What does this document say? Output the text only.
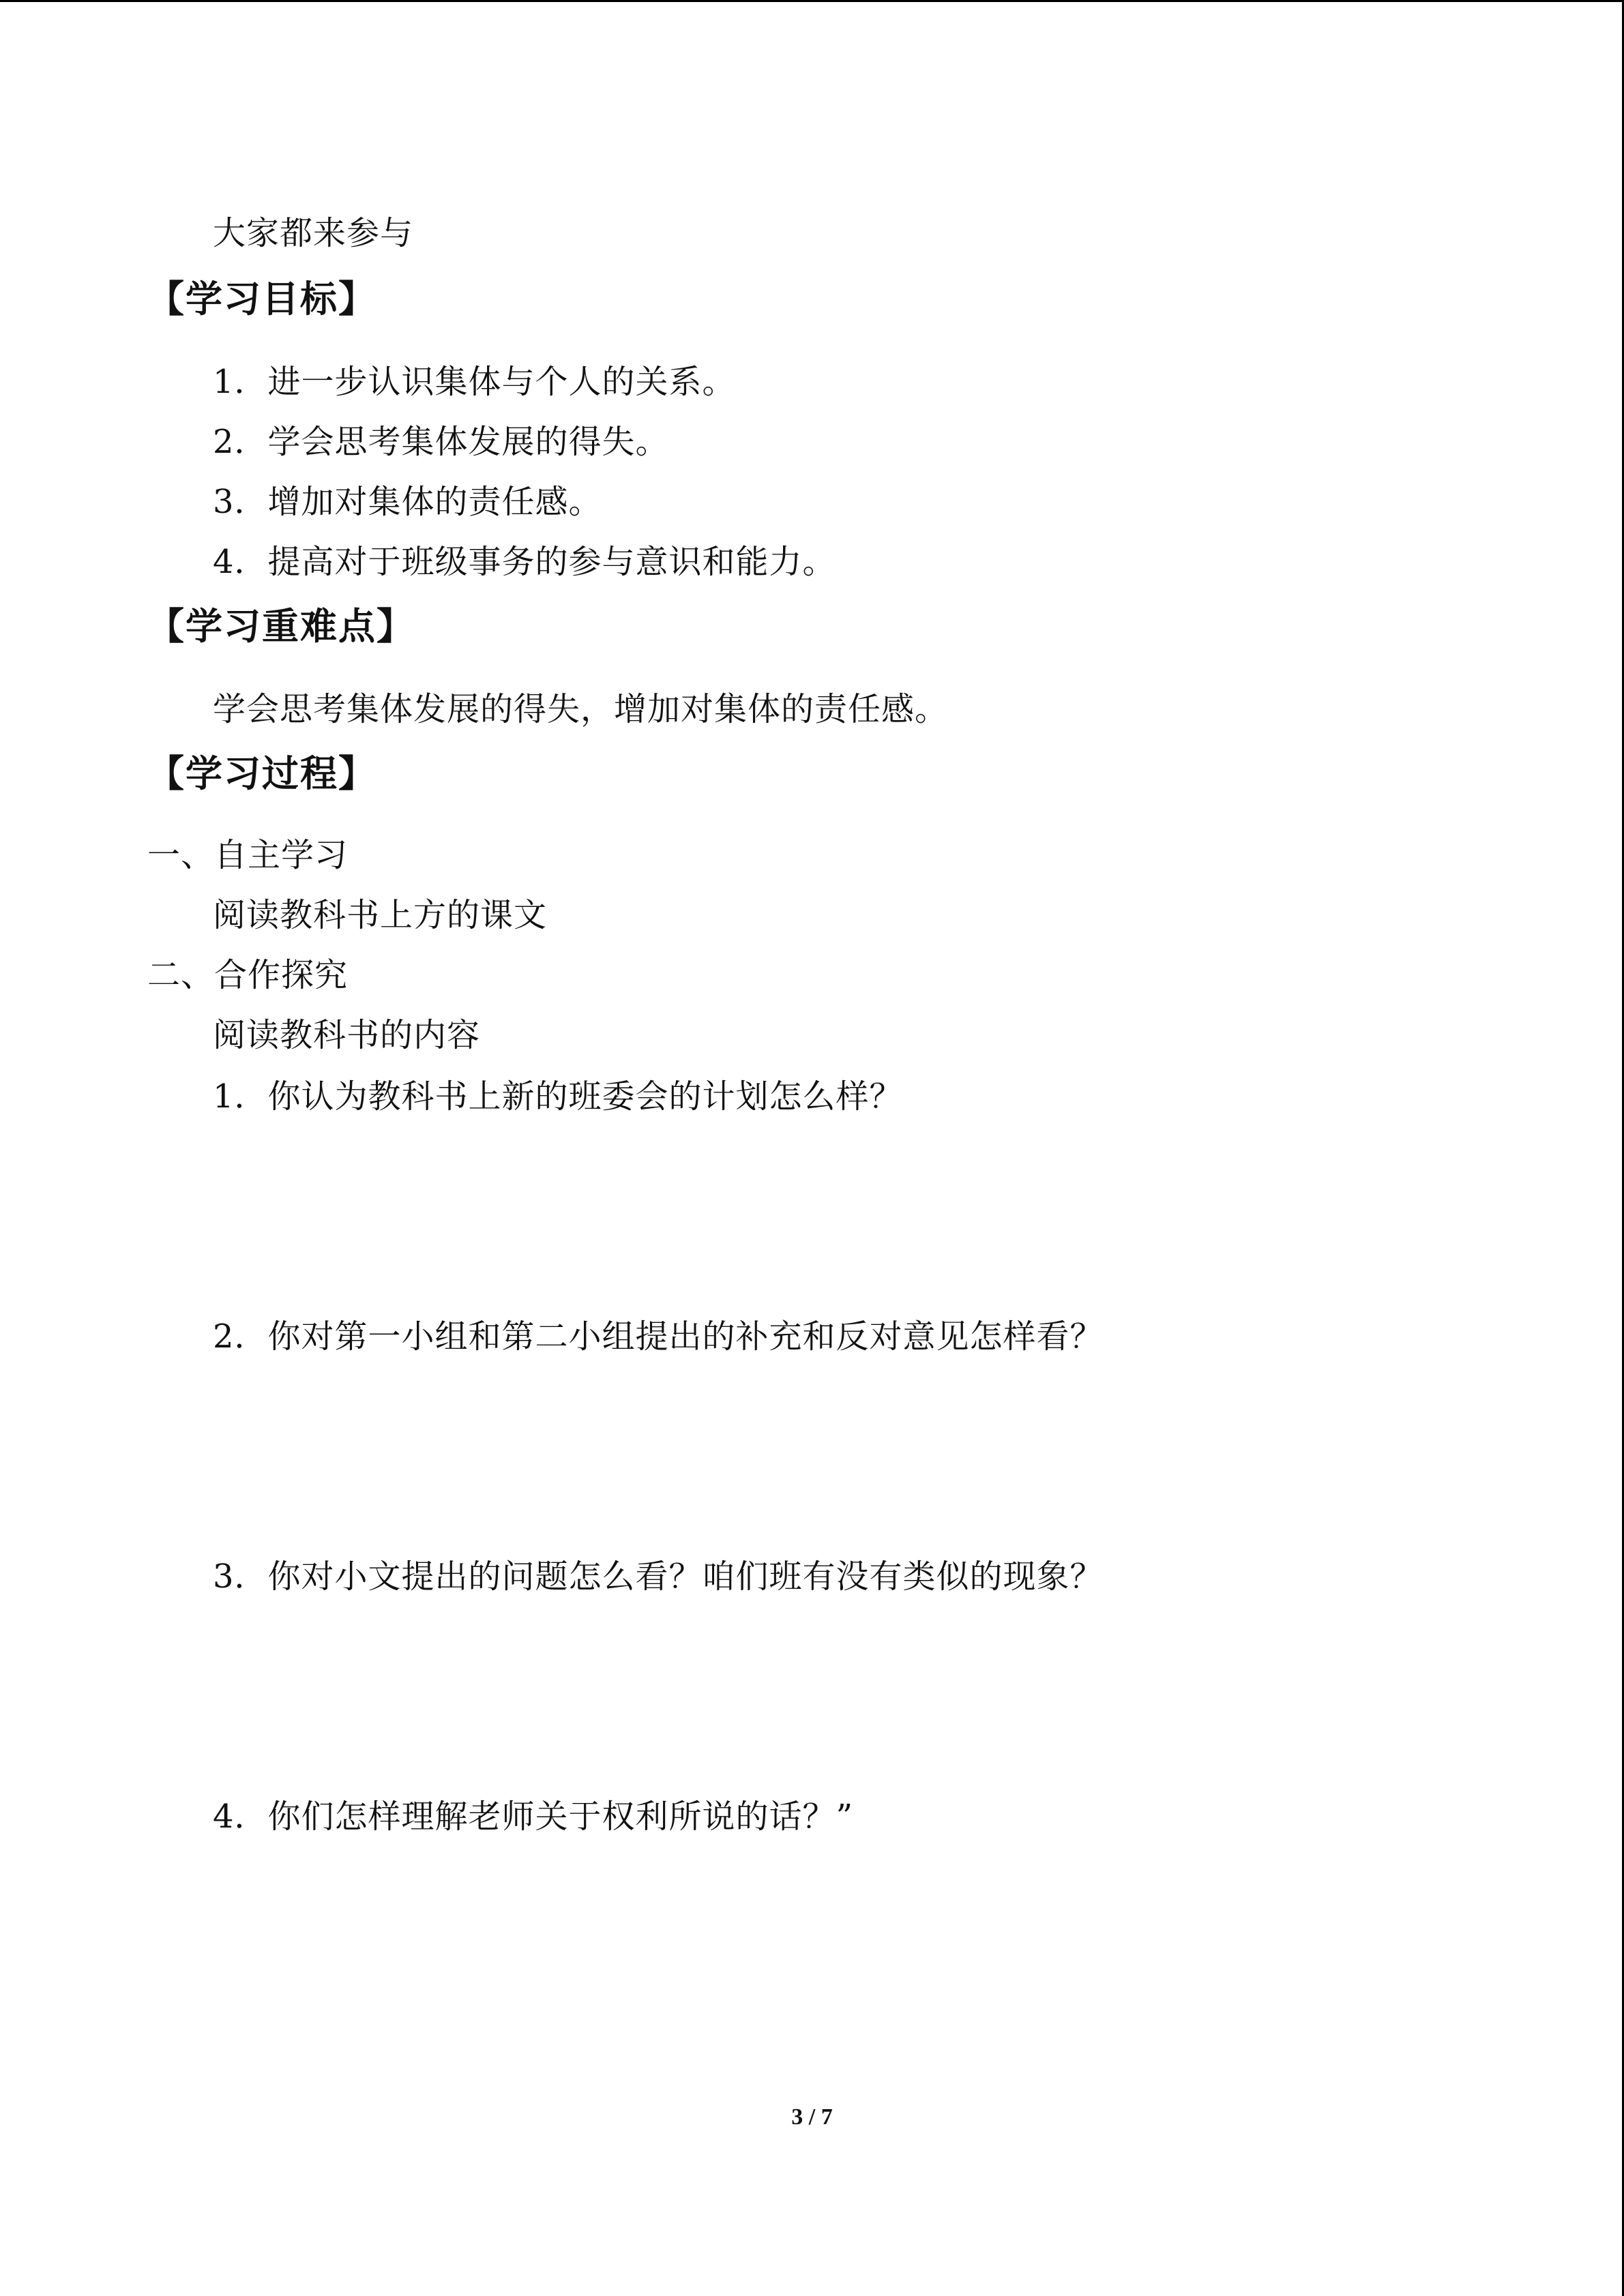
大家都来参与
【学习目标】
1．进一步认识集体与个人的关系。
2．学会思考集体发展的得失。
3．增加对集体的责任感。
4．提高对于班级事务的参与意识和能力。
【学习重难点】
学会思考集体发展的得失，增加对集体的责任感。
【学习过程】
一、自主学习
阅读教科书上方的课文
二、合作探究
阅读教科书的内容
1．你认为教科书上新的班委会的计划怎么样？
2．你对第一小组和第二小组提出的补充和反对意见怎样看？
3．你对小文提出的问题怎么看？咱们班有没有类似的现象？
4．你们怎样理解老师关于权利所说的话？”
3 / 7
